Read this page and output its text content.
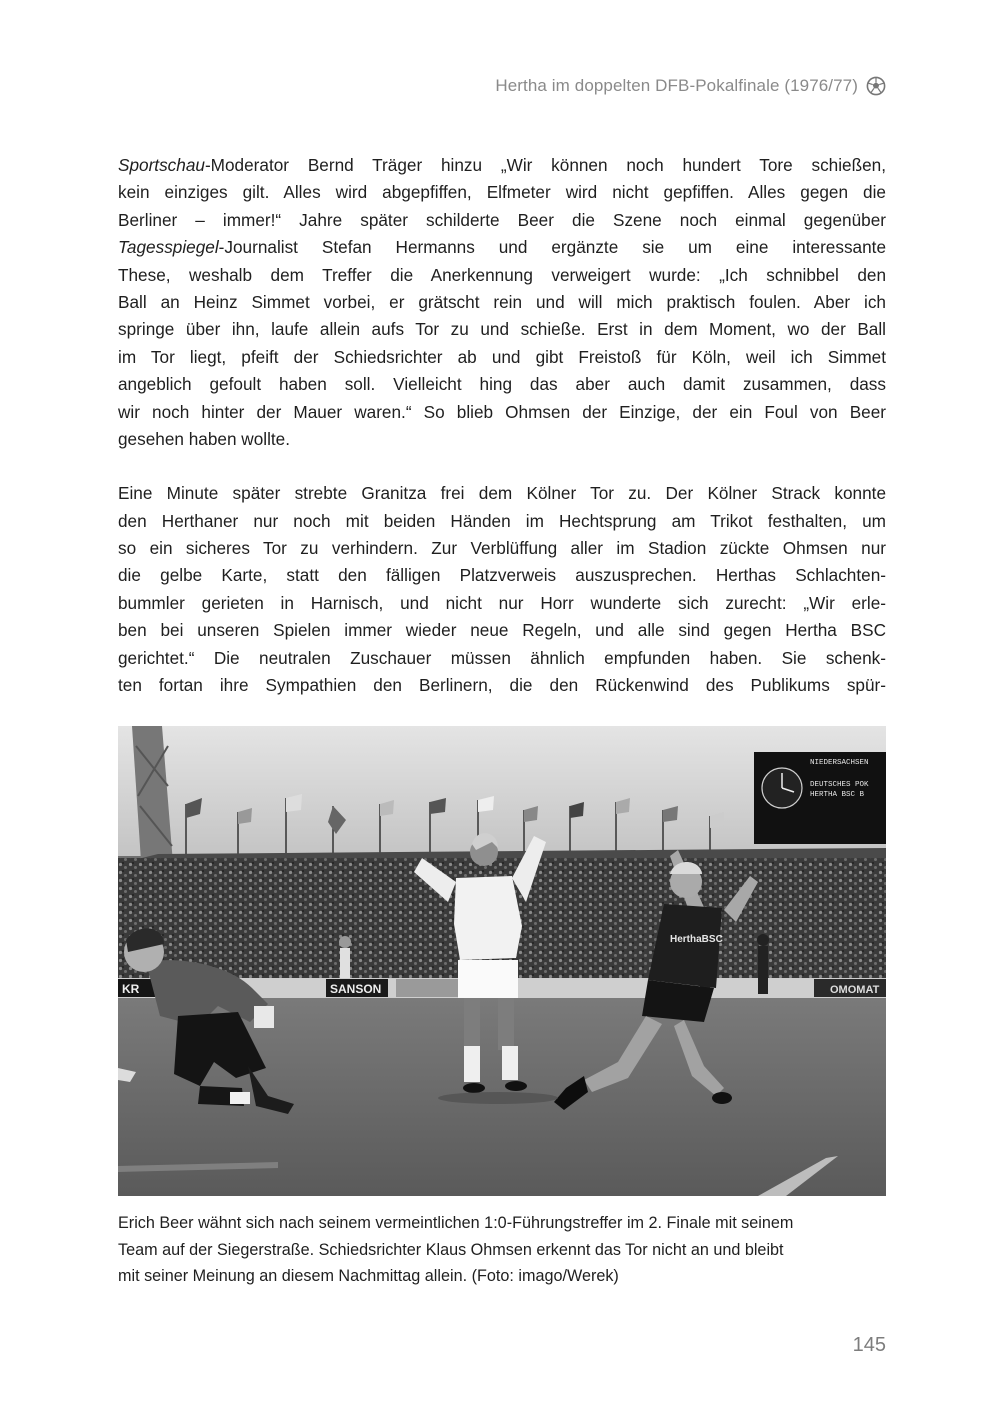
Hertha im doppelten DFB-Pokalfinale (1976/77)

Sportschau-Moderator Bernd Träger hinzu „Wir können noch hundert Tore schießen,
kein einziges gilt. Alles wird abgepfiffen, Elfmeter wird nicht gepfiffen. Alles gegen die
Berliner – immer!“ Jahre später schilderte Beer die Szene noch einmal gegenüber
Tagesspiegel-Journalist Stefan Hermanns und ergänzte sie um eine interessante
These, weshalb dem Treffer die Anerkennung verweigert wurde: „Ich schnibbel den
Ball an Heinz Simmet vorbei, er grätscht rein und will mich praktisch foulen. Aber ich
springe über ihn, laufe allein aufs Tor zu und schieße. Erst in dem Moment, wo der Ball
im Tor liegt, pfeift der Schiedsrichter ab und gibt Freistoß für Köln, weil ich Simmet
angeblich gefoult haben soll. Vielleicht hing das aber auch damit zusammen, dass
wir noch hinter der Mauer waren.“ So blieb Ohmsen der Einzige, der ein Foul von Beer
gesehen haben wollte.

Eine Minute später strebte Granitza frei dem Kölner Tor zu. Der Kölner Strack konnte
den Herthaner nur noch mit beiden Händen im Hechtsprung am Trikot festhalten, um
so ein sicheres Tor zu verhindern. Zur Verblüffung aller im Stadion zückte Ohmsen nur
die gelbe Karte, statt den fälligen Platzverweis auszusprechen. Herthas Schlachten-
bummler gerieten in Harnisch, und nicht nur Horr wunderte sich zurecht: „Wir erle-
ben bei unseren Spielen immer wieder neue Regeln, und alle sind gegen Hertha BSC
gerichtet.“ Die neutralen Zuschauer müssen ähnlich empfunden haben. Sie schenk-
ten fortan ihre Sympathien den Berlinern, die den Rückenwind des Publikums spür-

NIEDERSACHSEN
DEUTSCHES POK
HERTHA BSC B
KR	SANSON	OMOMAT
HerthaBSC
Erich Beer wähnt sich nach seinem vermeintlichen 1:0-Führungstreffer im 2. Finale mit seinem
Team auf der Siegerstraße. Schiedsrichter Klaus Ohmsen erkennt das Tor nicht an und bleibt
mit seiner Meinung an diesem Nachmittag allein. (Foto: imago/Werek)
145
